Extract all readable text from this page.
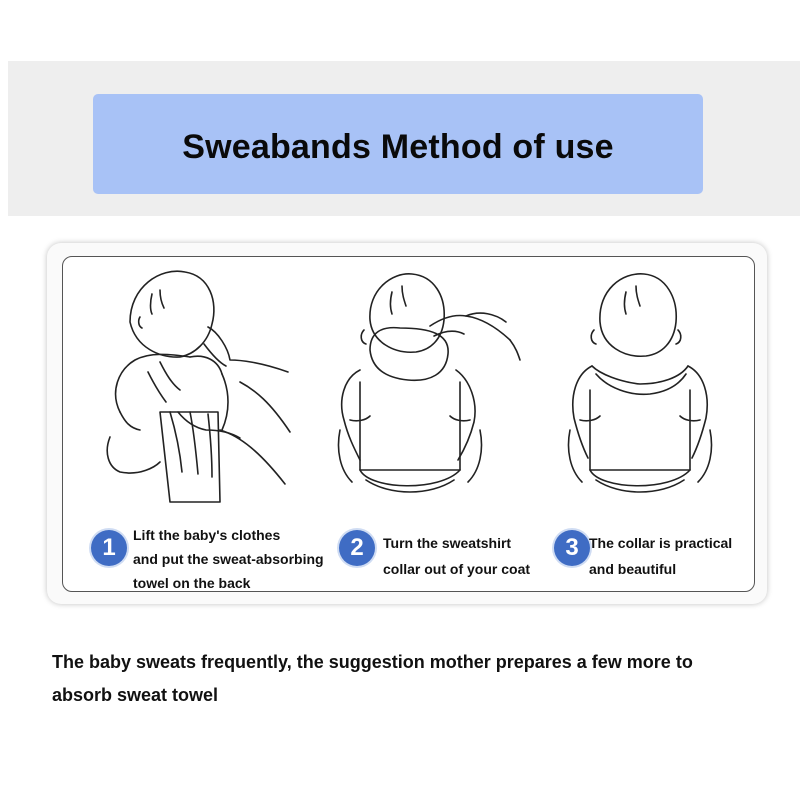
Sweabands Method of use
1	Lift the baby's clothes
and put the sweat-absorbing
towel on the back
2	Turn the sweatshirt
collar out of your coat
3 The collar is practical
and beautiful
The baby sweats frequently, the suggestion mother prepares a few more to
absorb sweat towel
